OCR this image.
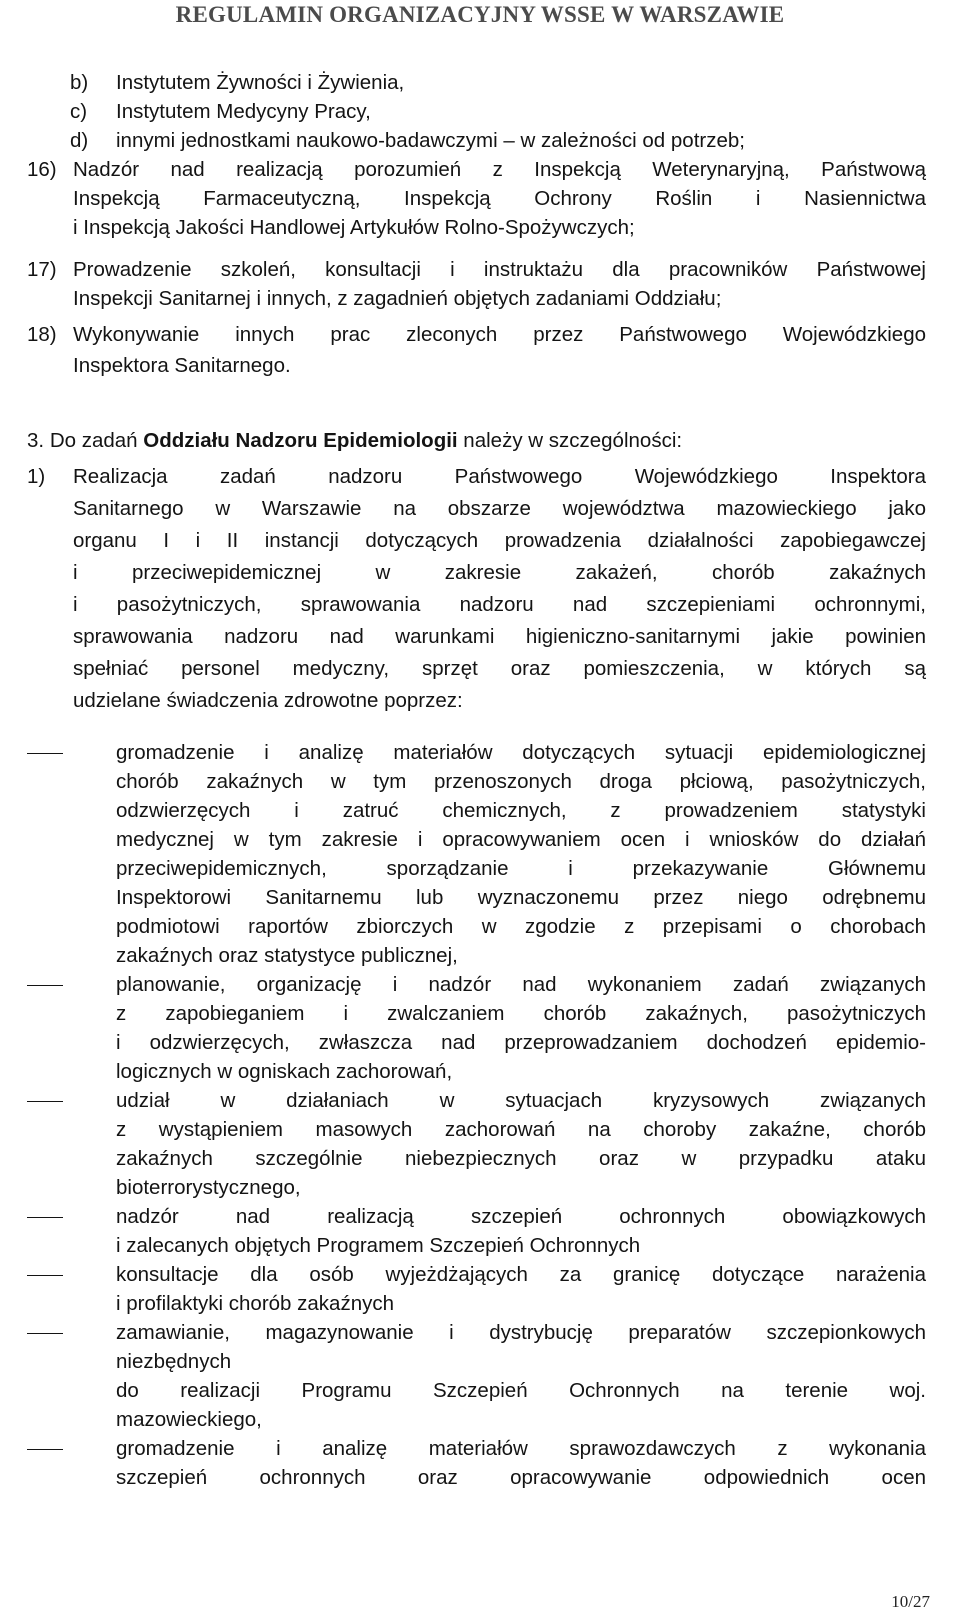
REGULAMIN ORGANIZACYJNY WSSE W WARSZAWIE
b) Instytutem Żywności i Żywienia,
c) Instytutem Medycyny Pracy,
d) innymi jednostkami naukowo-badawczymi – w zależności od potrzeb;
16) Nadzór nad realizacją porozumień z Inspekcją Weterynaryjną, Państwową
Inspekcją Farmaceutyczną, Inspekcją Ochrony Roślin i Nasiennictwa
i Inspekcją Jakości Handlowej Artykułów Rolno-Spożywczych;
17) Prowadzenie szkoleń, konsultacji i instruktażu dla pracowników Państwowej
Inspekcji Sanitarnej i innych, z zagadnień objętych zadaniami Oddziału;
18) Wykonywanie innych prac zleconych przez Państwowego Wojewódzkiego
Inspektora Sanitarnego.
3. Do zadań Oddziału Nadzoru Epidemiologii należy w szczególności:
1) Realizacja zadań nadzoru Państwowego Wojewódzkiego Inspektora
Sanitarnego w Warszawie na obszarze województwa mazowieckiego jako
organu I i II instancji dotyczących prowadzenia działalności zapobiegawczej
i przeciwepidemicznej w zakresie zakażeń, chorób zakaźnych
i pasożytniczych, sprawowania nadzoru nad szczepieniami ochronnymi,
sprawowania nadzoru nad warunkami higieniczno-sanitarnymi jakie powinien
spełniać personel medyczny, sprzęt oraz pomieszczenia, w których są
udzielane świadczenia zdrowotne poprzez:
gromadzenie i analizę materiałów dotyczących sytuacji epidemiologicznej
chorób zakaźnych w tym przenoszonych droga płciową, pasożytniczych,
odzwierzęcych i zatruć chemicznych, z prowadzeniem statystyki
medycznej w tym zakresie i opracowywaniem ocen i wniosków do działań
przeciwepidemicznych, sporządzanie i przekazywanie Głównemu
Inspektorowi Sanitarnemu lub wyznaczonemu przez niego odrębnemu
podmiotowi raportów zbiorczych w zgodzie z przepisami o chorobach
zakaźnych oraz statystyce publicznej,
planowanie, organizację i nadzór nad wykonaniem zadań związanych
z zapobieganiem i zwalczaniem chorób zakaźnych, pasożytniczych
i odzwierzęcych, zwłaszcza nad przeprowadzaniem dochodzeń epidemio-
logicznych w ogniskach zachorowań,
udział w działaniach w sytuacjach kryzysowych związanych
z wystąpieniem masowych zachorowań na choroby zakaźne, chorób
zakaźnych szczególnie niebezpiecznych oraz w przypadku ataku
bioterrorystycznego,
nadzór nad realizacją szczepień ochronnych obowiązkowych
i zalecanych objętych Programem Szczepień Ochronnych
konsultacje dla osób wyjeżdżających za granicę dotyczące narażenia
i profilaktyki chorób zakaźnych
zamawianie, magazynowanie i dystrybucję preparatów szczepionkowych
niezbędnych
do realizacji Programu Szczepień Ochronnych na terenie woj.
mazowieckiego,
gromadzenie i analizę materiałów sprawozdawczych z wykonania
szczepień ochronnych oraz opracowywanie odpowiednich ocen
10/27
